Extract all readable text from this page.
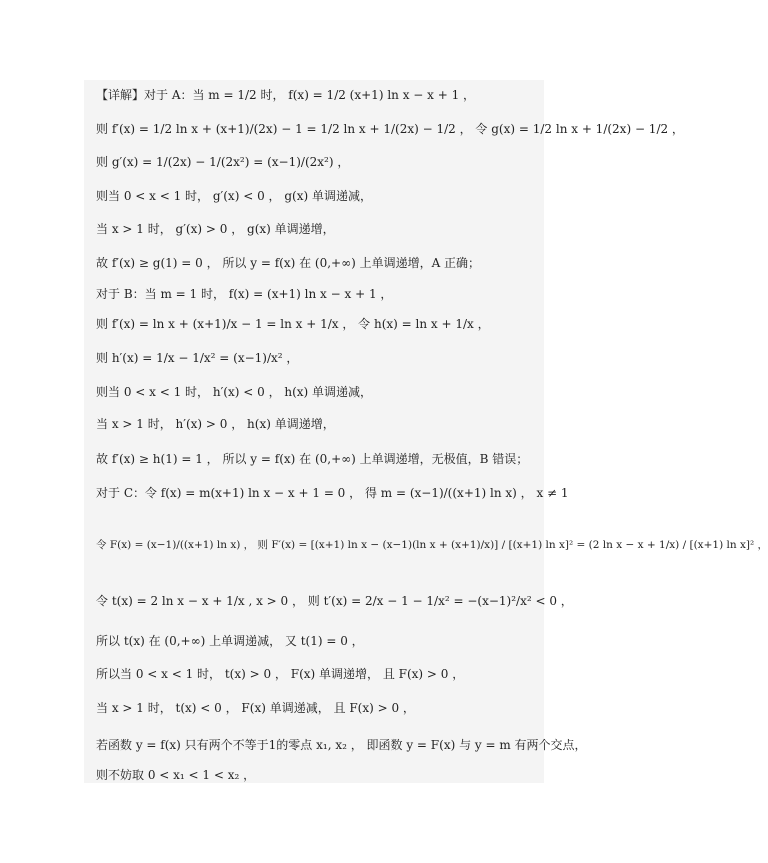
【详解】对于 A：当 m = 1/2 时， f(x) = 1/2 (x+1) ln x − x + 1 ，
则 f′(x) = 1/2 ln x + (x+1)/(2x) − 1 = 1/2 ln x + 1/(2x) − 1/2 ， 令 g(x) = 1/2 ln x + 1/(2x) − 1/2 ，
则 g′(x) = 1/(2x) − 1/(2x²) = (x−1)/(2x²) ，
则当 0 < x < 1 时， g′(x) < 0 ， g(x) 单调递减，
当 x > 1 时， g′(x) > 0 ， g(x) 单调递增，
故 f′(x) ≥ g(1) = 0 ， 所以 y = f(x) 在 (0,+∞) 上单调递增，A 正确；
对于 B：当 m = 1 时， f(x) = (x+1) ln x − x + 1 ，
则 f′(x) = ln x + (x+1)/x − 1 = ln x + 1/x ， 令 h(x) = ln x + 1/x ，
则 h′(x) = 1/x − 1/x² = (x−1)/x² ，
则当 0 < x < 1 时， h′(x) < 0 ， h(x) 单调递减，
当 x > 1 时， h′(x) > 0 ， h(x) 单调递增，
故 f′(x) ≥ h(1) = 1 ， 所以 y = f(x) 在 (0,+∞) 上单调递增，无极值，B 错误；
对于 C：令 f(x) = m(x+1) ln x − x + 1 = 0 ， 得 m = (x−1)/((x+1) ln x) ， x ≠ 1
令 F(x) = (x−1)/((x+1) ln x) ， 则 F′(x) = [(x+1) ln x − (x−1)(ln x + (x+1)/x)] / [(x+1) ln x]² = (2 ln x − x + 1/x) / [(x+1) ln x]² ，
令 t(x) = 2 ln x − x + 1/x , x > 0 ， 则 t′(x) = 2/x − 1 − 1/x² = −(x−1)²/x² < 0 ，
所以 t(x) 在 (0,+∞) 上单调递减， 又 t(1) = 0 ，
所以当 0 < x < 1 时， t(x) > 0 ， F(x) 单调递增， 且 F(x) > 0 ，
当 x > 1 时， t(x) < 0 ， F(x) 单调递减， 且 F(x) > 0 ，
若函数 y = f(x) 只有两个不等于1的零点 x₁, x₂ ， 即函数 y = F(x) 与 y = m 有两个交点，
则不妨取 0 < x₁ < 1 < x₂ ，
